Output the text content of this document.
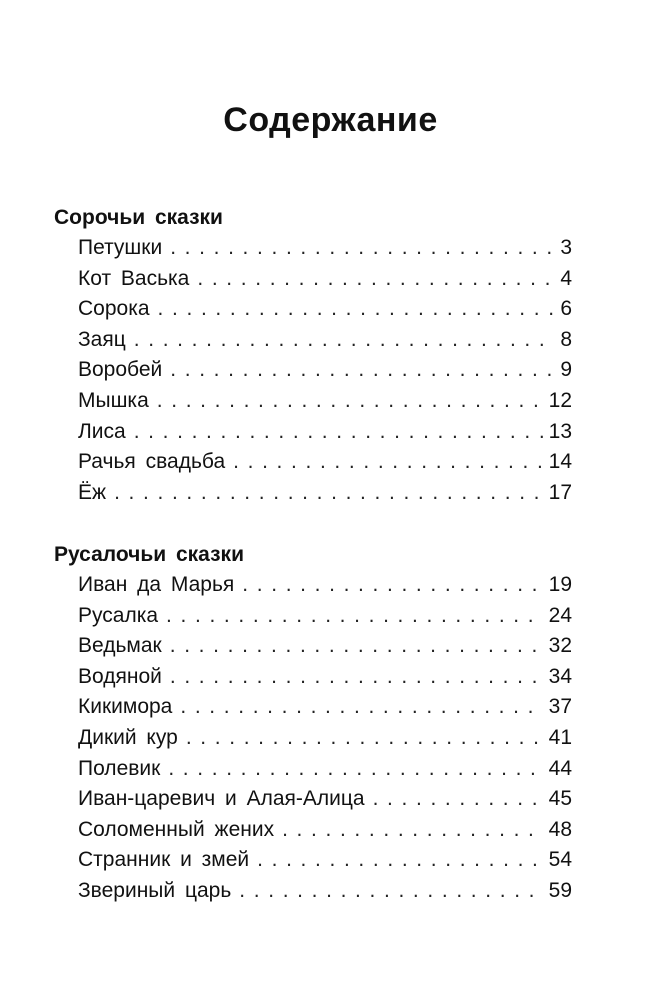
Содержание
Сорочьи сказки
Петушки . . .	3
Кот Васька . . .	4
Сорока . . .	6
Заяц . . .	8
Воробей . . .	9
Мышка . . .	12
Лиса . . .	13
Рачья свадьба . . .	14
Ёж . . .	17
Русалочьи сказки
Иван да Марья . . .	19
Русалка . . .	24
Ведьмак . . .	32
Водяной . . .	34
Кикимора . . .	37
Дикий кур . . .	41
Полевик . . .	44
Иван-царевич и Алая-Алица . . .	45
Соломенный жених . . .	48
Странник и змей . . .	54
Звериный царь . . .	59
